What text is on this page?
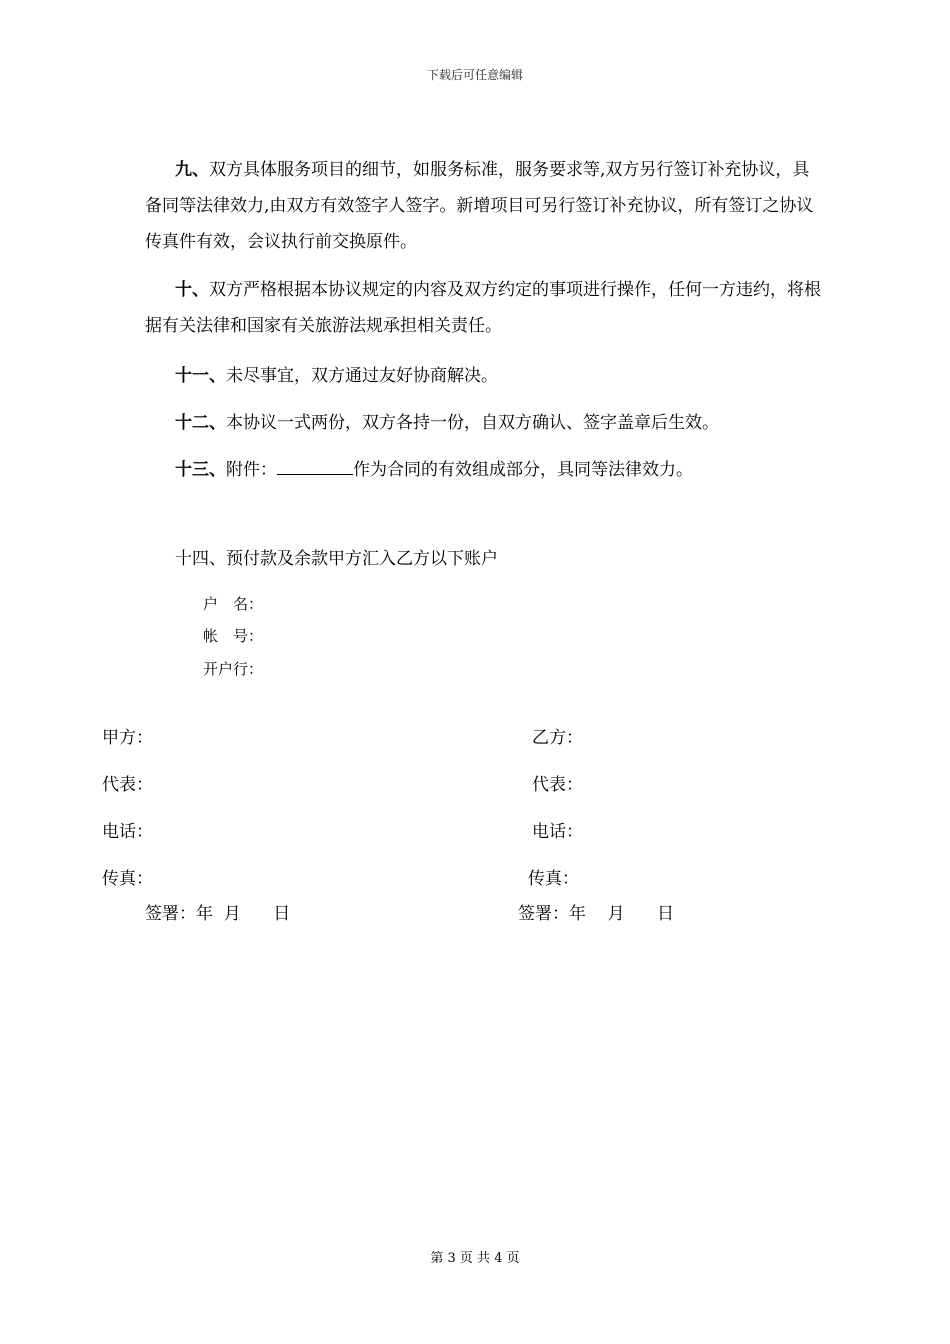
下载后可任意编辑

九、双方具体服务项目的细节，如服务标准，服务要求等,双方另行签订补充协议，具备同等法律效力,由双方有效签字人签字。新增项目可另行签订补充协议，所有签订之协议传真件有效，会议执行前交换原件。

十、双方严格根据本协议规定的内容及双方约定的事项进行操作，任何一方违约，将根据有关法律和国家有关旅游法规承担相关责任。

十一、未尽事宜，双方通过友好协商解决。

十二、本协议一式两份，双方各持一份，自双方确认、签字盖章后生效。

十三、附件：	作为合同的有效组成部分，具同等法律效力。

十四、预付款及余款甲方汇入乙方以下账户

户　名：
帐　号：
开户行：
甲方：
代表：
电话：
传真：
签署：年  月      日
乙方：
代表：
电话：
传真：
签署：年    月      日
第 3 页 共 4 页
